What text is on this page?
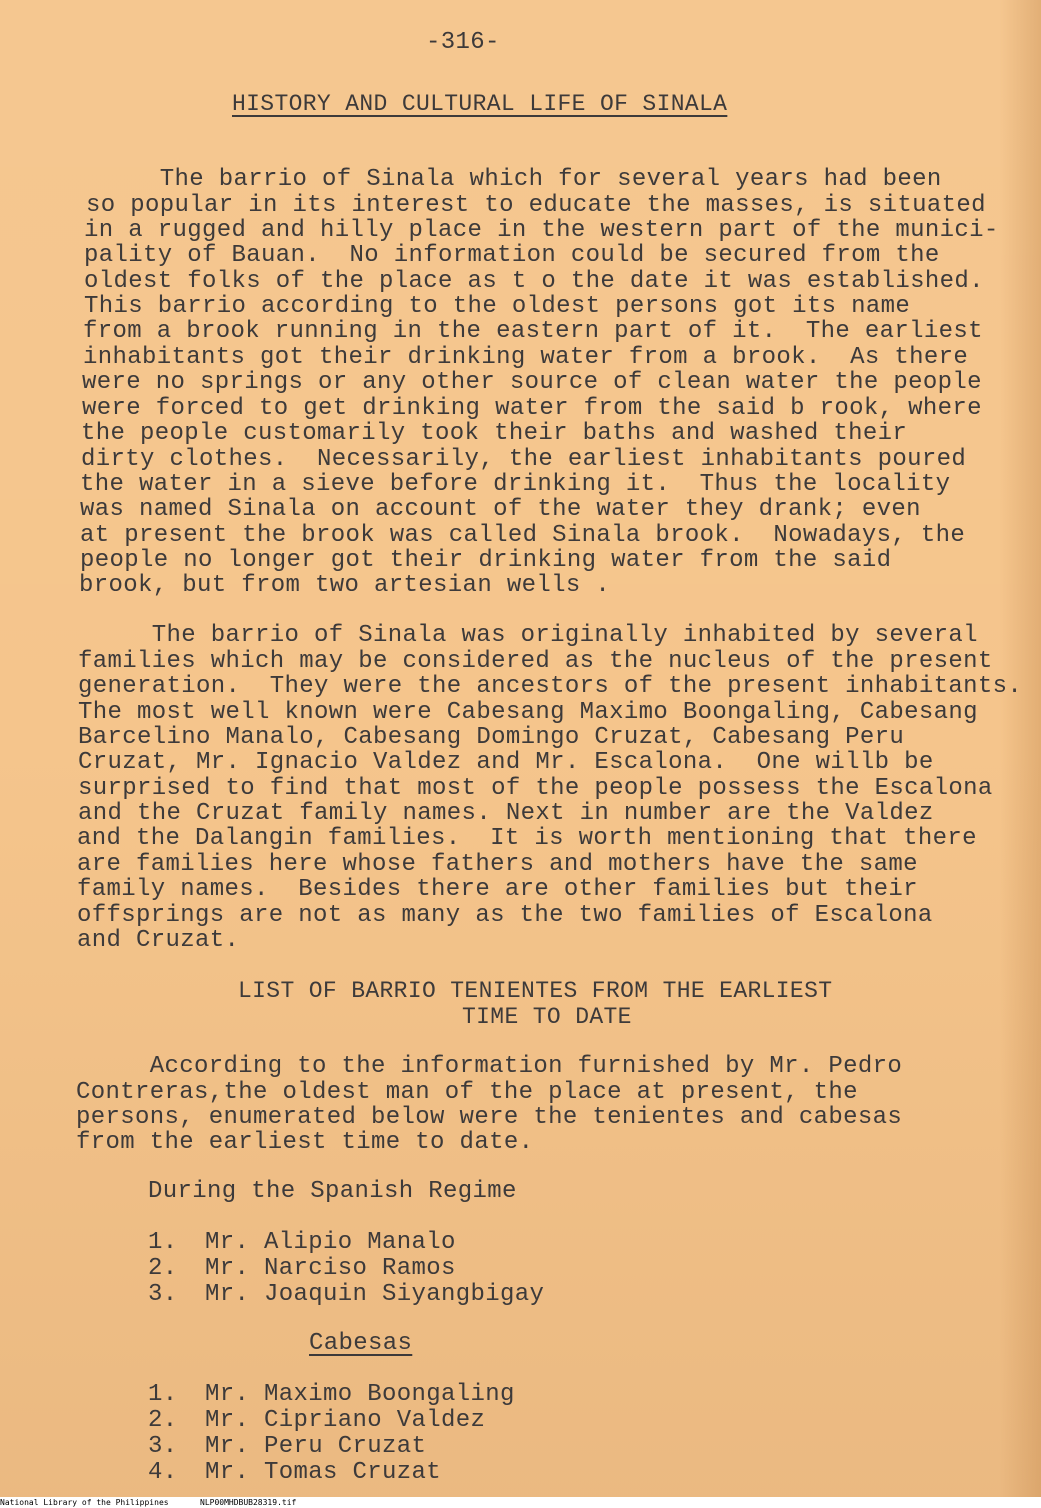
-316-
HISTORY AND CULTURAL LIFE OF SINALA
The barrio of Sinala which for several years had been
so popular in its interest to educate the masses, is situated
in a rugged and hilly place in the western part of the munici-
pality of Bauan.  No information could be secured from the
oldest folks of the place as t o the date it was established.
This barrio according to the oldest persons got its name
from a brook running in the eastern part of it.  The earliest
inhabitants got their drinking water from a brook.  As there
were no springs or any other source of clean water the people
were forced to get drinking water from the said b rook, where
the people customarily took their baths and washed their
dirty clothes.  Necessarily, the earliest inhabitants poured
the water in a sieve before drinking it.  Thus the locality
was named Sinala on account of the water they drank; even
at present the brook was called Sinala brook.  Nowadays, the
people no longer got their drinking water from the said
brook, but from two artesian wells .
The barrio of Sinala was originally inhabited by several
families which may be considered as the nucleus of the present
generation.  They were the ancestors of the present inhabitants.
The most well known were Cabesang Maximo Boongaling, Cabesang
Barcelino Manalo, Cabesang Domingo Cruzat, Cabesang Peru
Cruzat, Mr. Ignacio Valdez and Mr. Escalona.  One willb be
surprised to find that most of the people possess the Escalona
and the Cruzat family names. Next in number are the Valdez
and the Dalangin families.  It is worth mentioning that there
are families here whose fathers and mothers have the same
family names.  Besides there are other families but their
offsprings are not as many as the two families of Escalona
and Cruzat.
LIST OF BARRIO TENIENTES FROM THE EARLIEST
TIME TO DATE
According to the information furnished by Mr. Pedro
Contreras,the oldest man of the place at present, the
persons, enumerated below were the tenientes and cabesas
from the earliest time to date.
During the Spanish Regime
1. Mr. Alipio Manalo
2. Mr. Narciso Ramos
3. Mr. Joaquin Siyangbigay
Cabesas
1. Mr. Maximo Boongaling
2. Mr. Cipriano Valdez
3. Mr. Peru Cruzat
4. Mr. Tomas Cruzat
National Library of the Philippines	NLP00MHDBUB28319.tif
